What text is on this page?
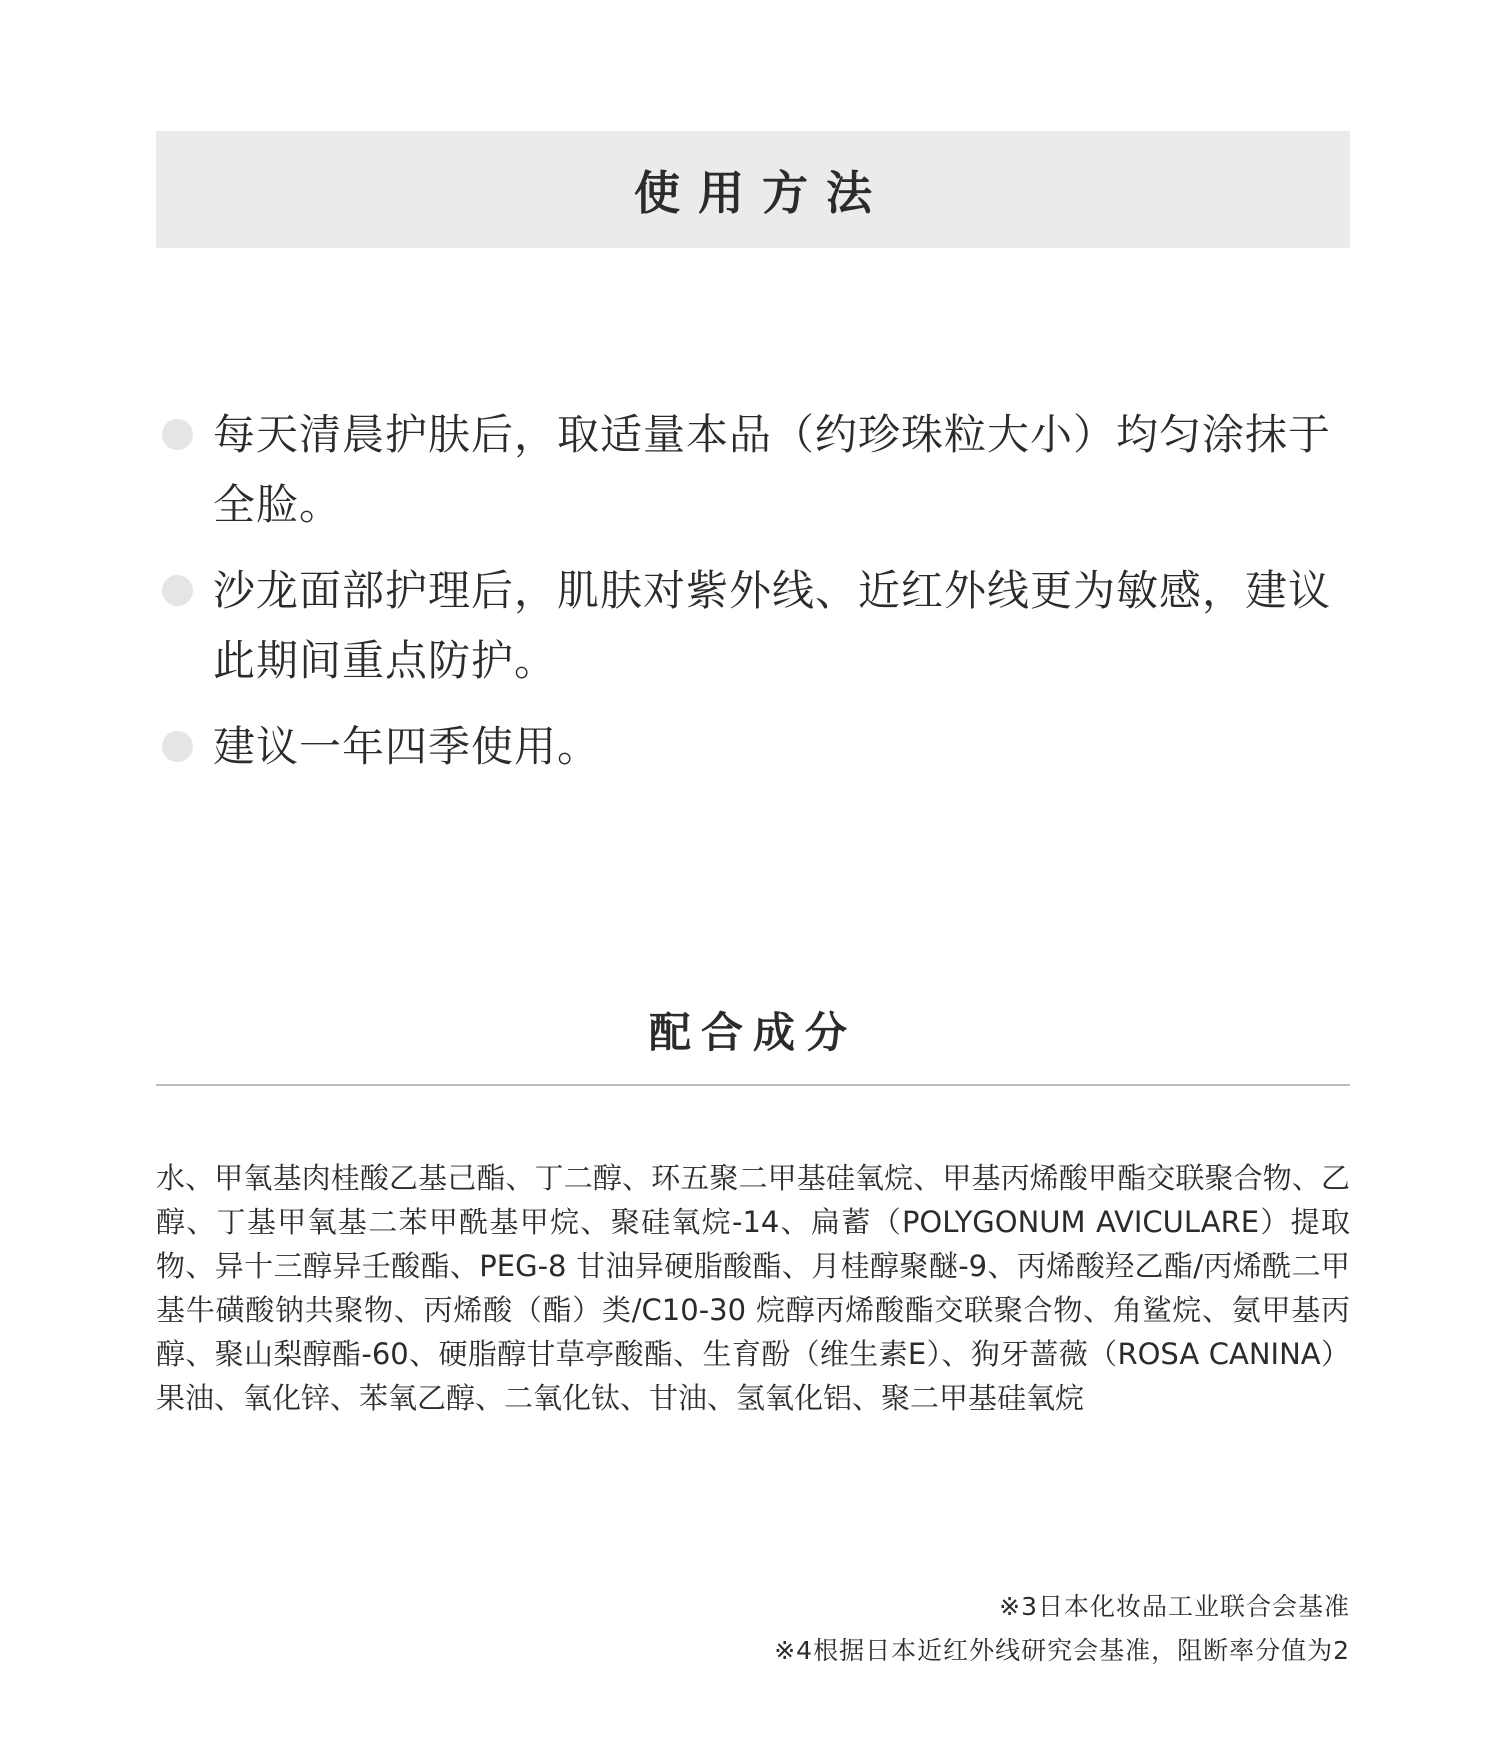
使用方法
每天清晨护肤后，取适量本品（约珍珠粒大小）均匀涂抹于全脸。
沙龙面部护理后，肌肤对紫外线、近红外线更为敏感，建议此期间重点防护。
建议一年四季使用。
配合成分

水、甲氧基肉桂酸乙基己酯、丁二醇、环五聚二甲基硅氧烷、甲基丙烯酸甲酯交联聚合物、乙醇、丁基甲氧基二苯甲酰基甲烷、聚硅氧烷-14、扁蓄（POLYGONUM AVICULARE）提取物、异十三醇异壬酸酯、PEG-8 甘油异硬脂酸酯、月桂醇聚醚-9、丙烯酸羟乙酯/丙烯酰二甲基牛磺酸钠共聚物、丙烯酸（酯）类/C10-30 烷醇丙烯酸酯交联聚合物、角鲨烷、氨甲基丙醇、聚山梨醇酯-60、硬脂醇甘草亭酸酯、生育酚（维生素E）、狗牙蔷薇（ROSA CANINA）果油、氧化锌、苯氧乙醇、二氧化钛、甘油、氢氧化铝、聚二甲基硅氧烷

※3日本化妆品工业联合会基准
※4根据日本近红外线研究会基准，阻断率分值为2
